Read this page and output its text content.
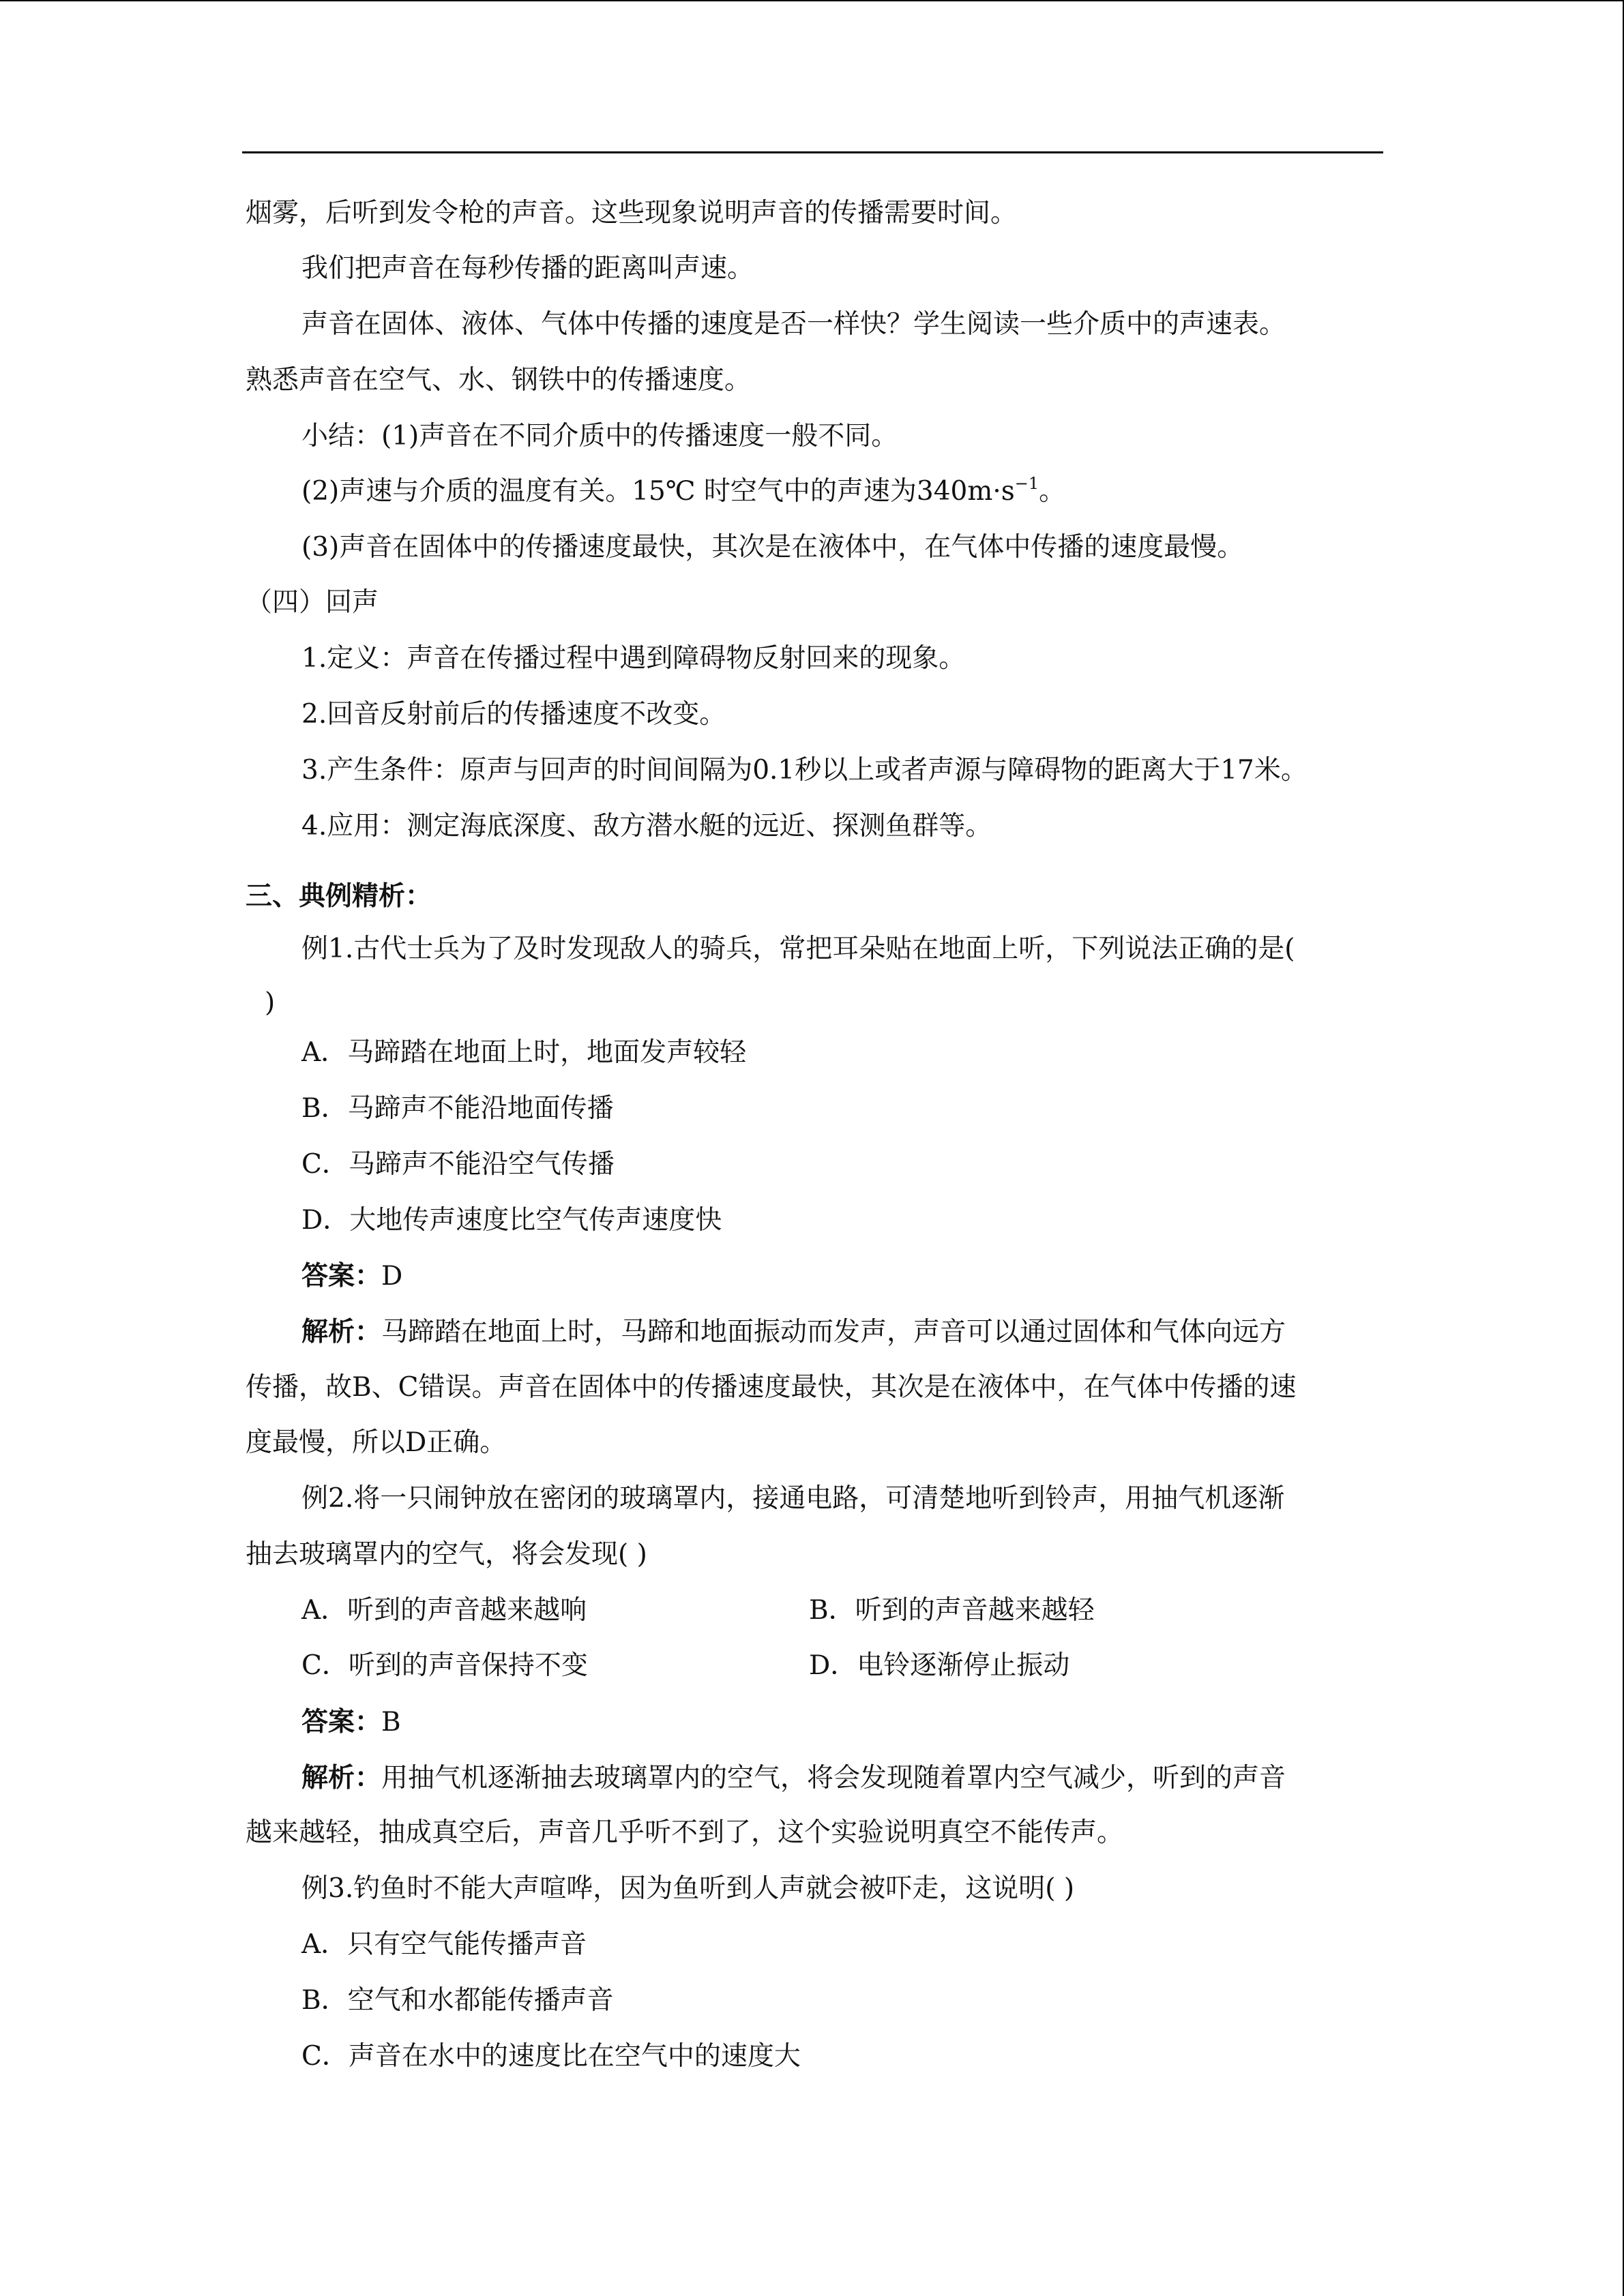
烟雾，后听到发令枪的声音。这些现象说明声音的传播需要时间。
我们把声音在每秒传播的距离叫声速。
声音在固体、液体、气体中传播的速度是否一样快？学生阅读一些介质中的声速表。
熟悉声音在空气、水、钢铁中的传播速度。
小结：(1)声音在不同介质中的传播速度一般不同。
(2)声速与介质的温度有关。15℃ 时空气中的声速为$340m\cdot s^{-1}$。
(3)声音在固体中的传播速度最快，其次是在液体中，在气体中传播的速度最慢。
（四）回声
1.定义：声音在传播过程中遇到障碍物反射回来的现象。
2.回音反射前后的传播速度不改变。
3.产生条件：原声与回声的时间间隔为0.1秒以上或者声源与障碍物的距离大于17米。
4.应用：测定海底深度、敌方潜水艇的远近、探测鱼群等。
三、典例精析：
例1.古代士兵为了及时发现敌人的骑兵，常把耳朵贴在地面上听，下列说法正确的是(
)
A．马蹄踏在地面上时，地面发声较轻
B．马蹄声不能沿地面传播
C．马蹄声不能沿空气传播
D．大地传声速度比空气传声速度快
答案：D
解析：马蹄踏在地面上时，马蹄和地面振动而发声，声音可以通过固体和气体向远方
传播，故B、C错误。声音在固体中的传播速度最快，其次是在液体中，在气体中传播的速
度最慢，所以D正确。
例2.将一只闹钟放在密闭的玻璃罩内，接通电路，可清楚地听到铃声，用抽气机逐渐
抽去玻璃罩内的空气，将会发现( )
A．听到的声音越来越响	B．听到的声音越来越轻
C．听到的声音保持不变	D．电铃逐渐停止振动
答案：B
解析：用抽气机逐渐抽去玻璃罩内的空气，将会发现随着罩内空气减少，听到的声音
越来越轻，抽成真空后，声音几乎听不到了，这个实验说明真空不能传声。
例3.钓鱼时不能大声喧哗，因为鱼听到人声就会被吓走，这说明( )
A．只有空气能传播声音
B．空气和水都能传播声音
C．声音在水中的速度比在空气中的速度大
